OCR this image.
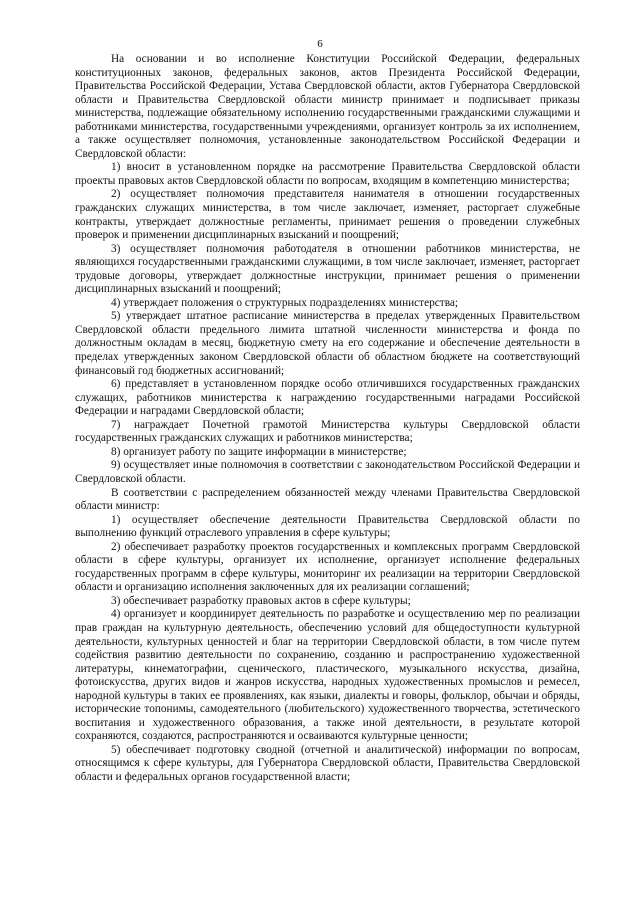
6

На основании и во исполнение Конституции Российской Федерации, федеральных конституционных законов, федеральных законов, актов Президента Российской Федерации, Правительства Российской Федерации, Устава Свердловской области, актов Губернатора Свердловской области и Правительства Свердловской области министр принимает и подписывает приказы министерства, подлежащие обязательному исполнению государственными гражданскими служащими и работниками министерства, государственными учреждениями, организует контроль за их исполнением, а также осуществляет полномочия, установленные законодательством Российской Федерации и Свердловской области:

1) вносит в установленном порядке на рассмотрение Правительства Свердловской области проекты правовых актов Свердловской области по вопросам, входящим в компетенцию министерства;

2) осуществляет полномочия представителя нанимателя в отношении государственных гражданских служащих министерства, в том числе заключает, изменяет, расторгает служебные контракты, утверждает должностные регламенты, принимает решения о проведении служебных проверок и применении дисциплинарных взысканий и поощрений;

3) осуществляет полномочия работодателя в отношении работников министерства, не являющихся государственными гражданскими служащими, в том числе заключает, изменяет, расторгает трудовые договоры, утверждает должностные инструкции, принимает решения о применении дисциплинарных взысканий и поощрений;

4) утверждает положения о структурных подразделениях министерства;

5) утверждает штатное расписание министерства в пределах утвержденных Правительством Свердловской области предельного лимита штатной численности министерства и фонда по должностным окладам в месяц, бюджетную смету на его содержание и обеспечение деятельности в пределах утвержденных законом Свердловской области об областном бюджете на соответствующий финансовый год бюджетных ассигнований;

6) представляет в установленном порядке особо отличившихся государственных гражданских служащих, работников министерства к награждению государственными наградами Российской Федерации и наградами Свердловской области;

7) награждает Почетной грамотой Министерства культуры Свердловской области государственных гражданских служащих и работников министерства;

8) организует работу по защите информации в министерстве;

9) осуществляет иные полномочия в соответствии с законодательством Российской Федерации и Свердловской области.

В соответствии с распределением обязанностей между членами Правительства Свердловской области министр:

1) осуществляет обеспечение деятельности Правительства Свердловской области по выполнению функций отраслевого управления в сфере культуры;

2) обеспечивает разработку проектов государственных и комплексных программ Свердловской области в сфере культуры, организует их исполнение, организует исполнение федеральных государственных программ в сфере культуры, мониторинг их реализации на территории Свердловской области и организацию исполнения заключенных для их реализации соглашений;

3) обеспечивает разработку правовых актов в сфере культуры;

4) организует и координирует деятельность по разработке и осуществлению мер по реализации прав граждан на культурную деятельность, обеспечению условий для общедоступности культурной деятельности, культурных ценностей и благ на территории Свердловской области, в том числе путем содействия развитию деятельности по сохранению, созданию и распространению художественной литературы, кинематографии, сценического, пластического, музыкального искусства, дизайна, фотоискусства, других видов и жанров искусства, народных художественных промыслов и ремесел, народной культуры в таких ее проявлениях, как языки, диалекты и говоры, фольклор, обычаи и обряды, исторические топонимы, самодеятельного (любительского) художественного творчества, эстетического воспитания и художественного образования, а также иной деятельности, в результате которой сохраняются, создаются, распространяются и осваиваются культурные ценности;

5) обеспечивает подготовку сводной (отчетной и аналитической) информации по вопросам, относящимся к сфере культуры, для Губернатора Свердловской области, Правительства Свердловской области и федеральных органов государственной власти;
